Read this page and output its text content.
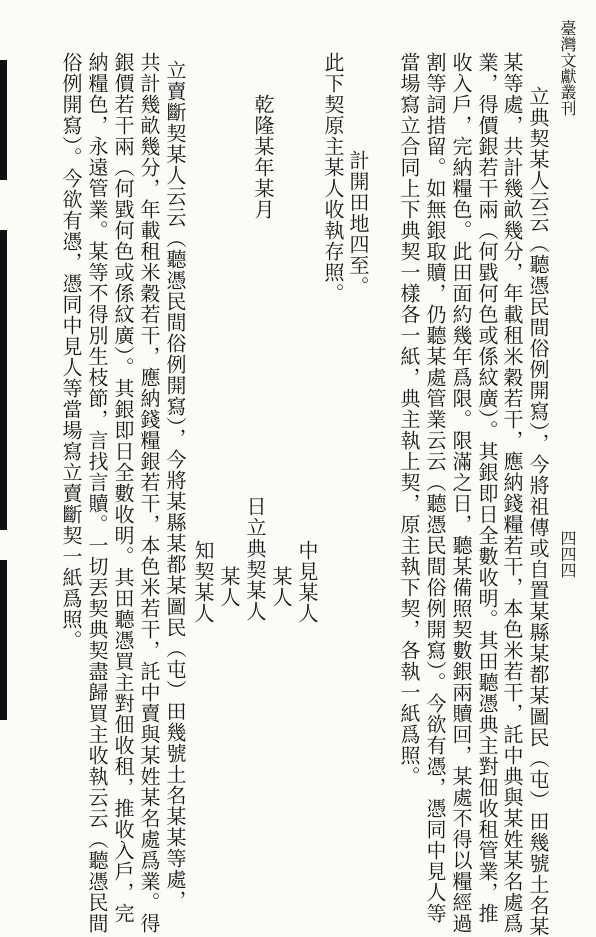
臺灣文獻叢刊
四四四
立典契某人云云（聽憑民間俗例開寫），今將祖傳或自置某縣某都某圖民（屯）田幾號土名某
某等處，共計幾畝幾分，年載租米穀若干，應納錢糧若干，本色米若干，託中典與某姓某名處爲
業，得價銀若干兩（何戥何色或係紋廣）。其銀即日全數收明。其田聽憑典主對佃收租管業，推
收入戶，完納糧色。此田面約幾年爲限。限滿之日，聽某備照契數銀兩贖回，某處不得以糧經過
割等詞措留。如無銀取贖，仍聽某處管業云云（聽憑民間俗例開寫）。今欲有憑，憑同中見人等
當場寫立合同上下典契一樣各一紙，典主執上契，原主執下契，各執一紙爲照。
計開田地四至。
此下契原主某人收執存照。
中見某人
某人
日立典契某人
某人
知契某人
乾隆某年某月
立賣斷契某人云云（聽憑民間俗例開寫），今將某縣某都某圖民（屯）田幾號土名某某等處，
共計幾畝幾分，年載租米穀若干，應納錢糧銀若干，本色米若干，託中賣與某姓某名處爲業。得
銀價若干兩（何戥何色或係紋廣）。其銀即日全數收明。其田聽憑買主對佃收租，推收入戶，完
納糧色，永遠管業。某等不得別生枝節，言找言贖。一切丟契典契盡歸買主收執云云（聽憑民間
俗例開寫）。今欲有憑，憑同中見人等當場寫立賣斷契一紙爲照。
